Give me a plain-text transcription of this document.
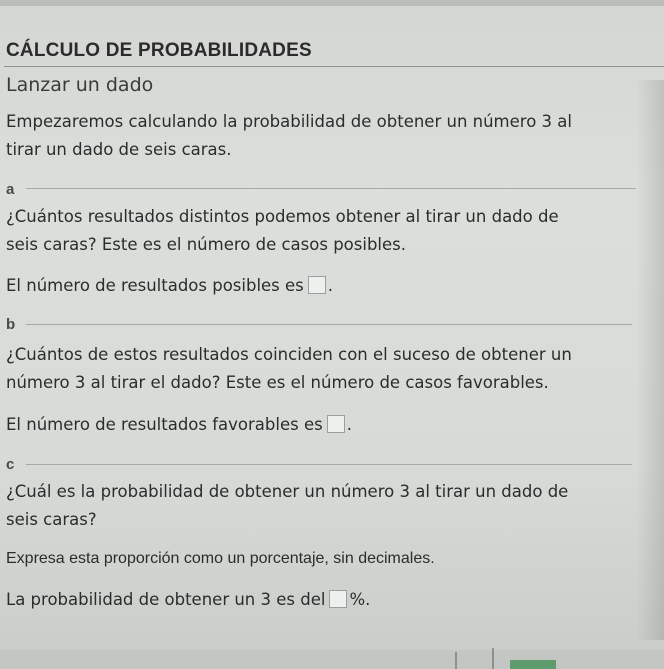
CÁLCULO DE PROBABILIDADES
Lanzar un dado
Empezaremos calculando la probabilidad de obtener un número 3 al
tirar un dado de seis caras.
a
¿Cuántos resultados distintos podemos obtener al tirar un dado de
seis caras? Este es el número de casos posibles.
El número de resultados posibles es .
b
¿Cuántos de estos resultados coinciden con el suceso de obtener un
número 3 al tirar el dado? Este es el número de casos favorables.
El número de resultados favorables es .
c
¿Cuál es la probabilidad de obtener un número 3 al tirar un dado de
seis caras?
Expresa esta proporción como un porcentaje, sin decimales.
La probabilidad de obtener un 3 es del %.
